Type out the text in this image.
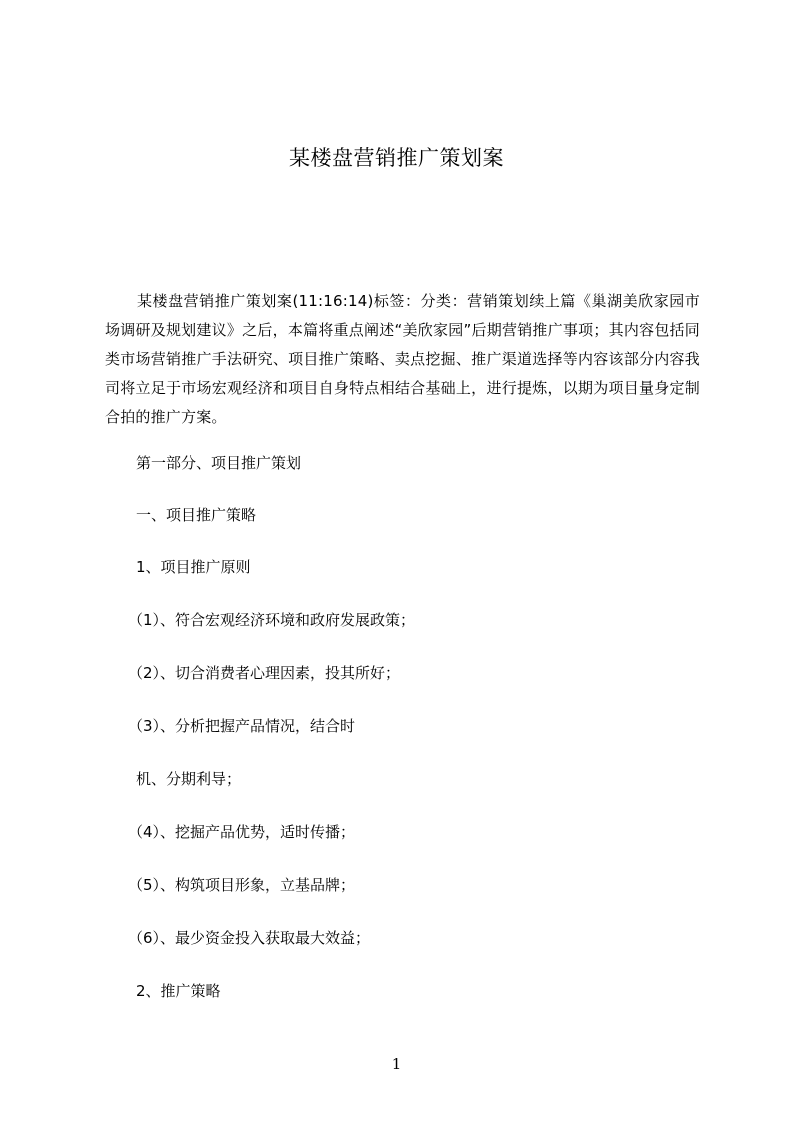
某楼盘营销推广策划案

某楼盘营销推广策划案(11:16:14)标签：分类：营销策划续上篇《巢湖美欣家园市场调研及规划建议》之后，本篇将重点阐述“美欣家园”后期营销推广事项；其内容包括同类市场营销推广手法研究、项目推广策略、卖点挖掘、推广渠道选择等内容该部分内容我司将立足于市场宏观经济和项目自身特点相结合基础上，进行提炼，以期为项目量身定制合拍的推广方案。

第一部分、项目推广策划
一、项目推广策略
1、项目推广原则
（1）、符合宏观经济环境和政府发展政策；
（2）、切合消费者心理因素，投其所好；
（3）、分析把握产品情况，结合时
机、分期利导；
（4）、挖掘产品优势，适时传播；
（5）、构筑项目形象，立基品牌；
（6）、最少资金投入获取最大效益；
2、推广策略
1
